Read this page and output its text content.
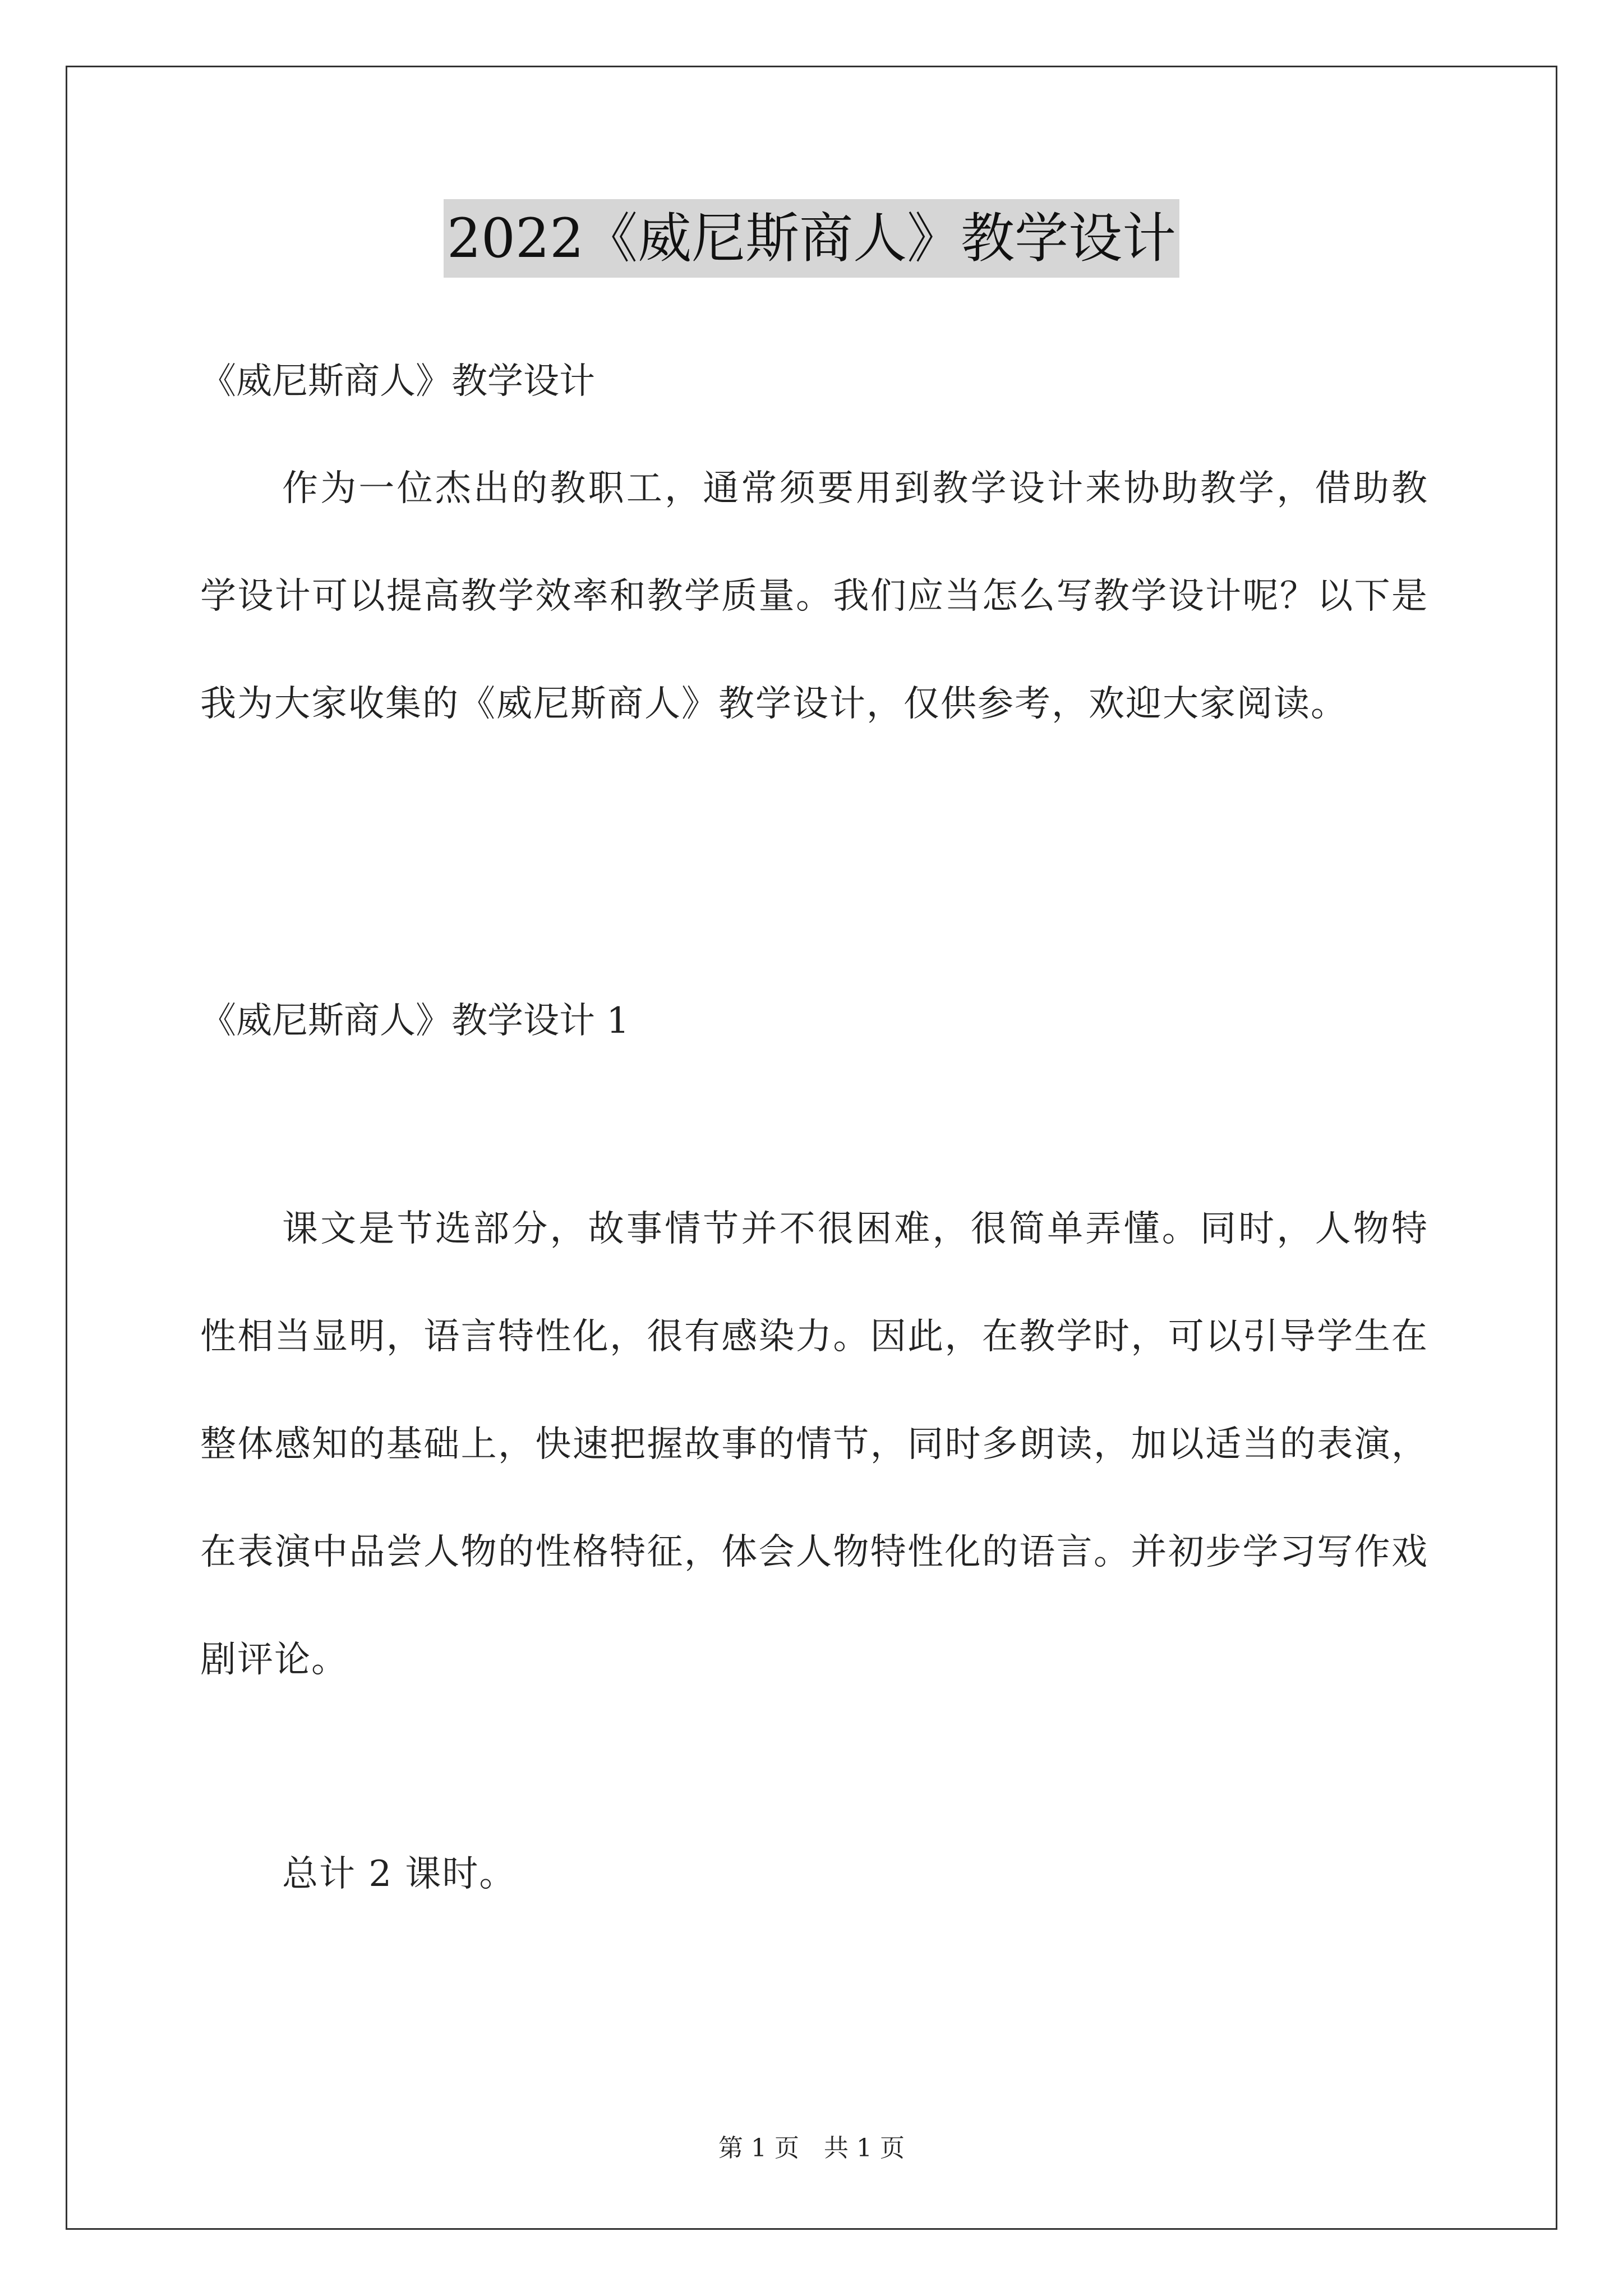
2022《威尼斯商人》教学设计
《威尼斯商人》教学设计
作为一位杰出的教职工，通常须要用到教学设计来协助教学，借助教学设计可以提高教学效率和教学质量。我们应当怎么写教学设计呢？以下是我为大家收集的《威尼斯商人》教学设计，仅供参考，欢迎大家阅读。
《威尼斯商人》教学设计 1
课文是节选部分，故事情节并不很困难，很简单弄懂。同时，人物特性相当显明，语言特性化，很有感染力。因此，在教学时，可以引导学生在整体感知的基础上，快速把握故事的情节，同时多朗读，加以适当的表演，在表演中品尝人物的性格特征，体会人物特性化的语言。并初步学习写作戏剧评论。
总计 2 课时。
第 1 页　共 1 页
